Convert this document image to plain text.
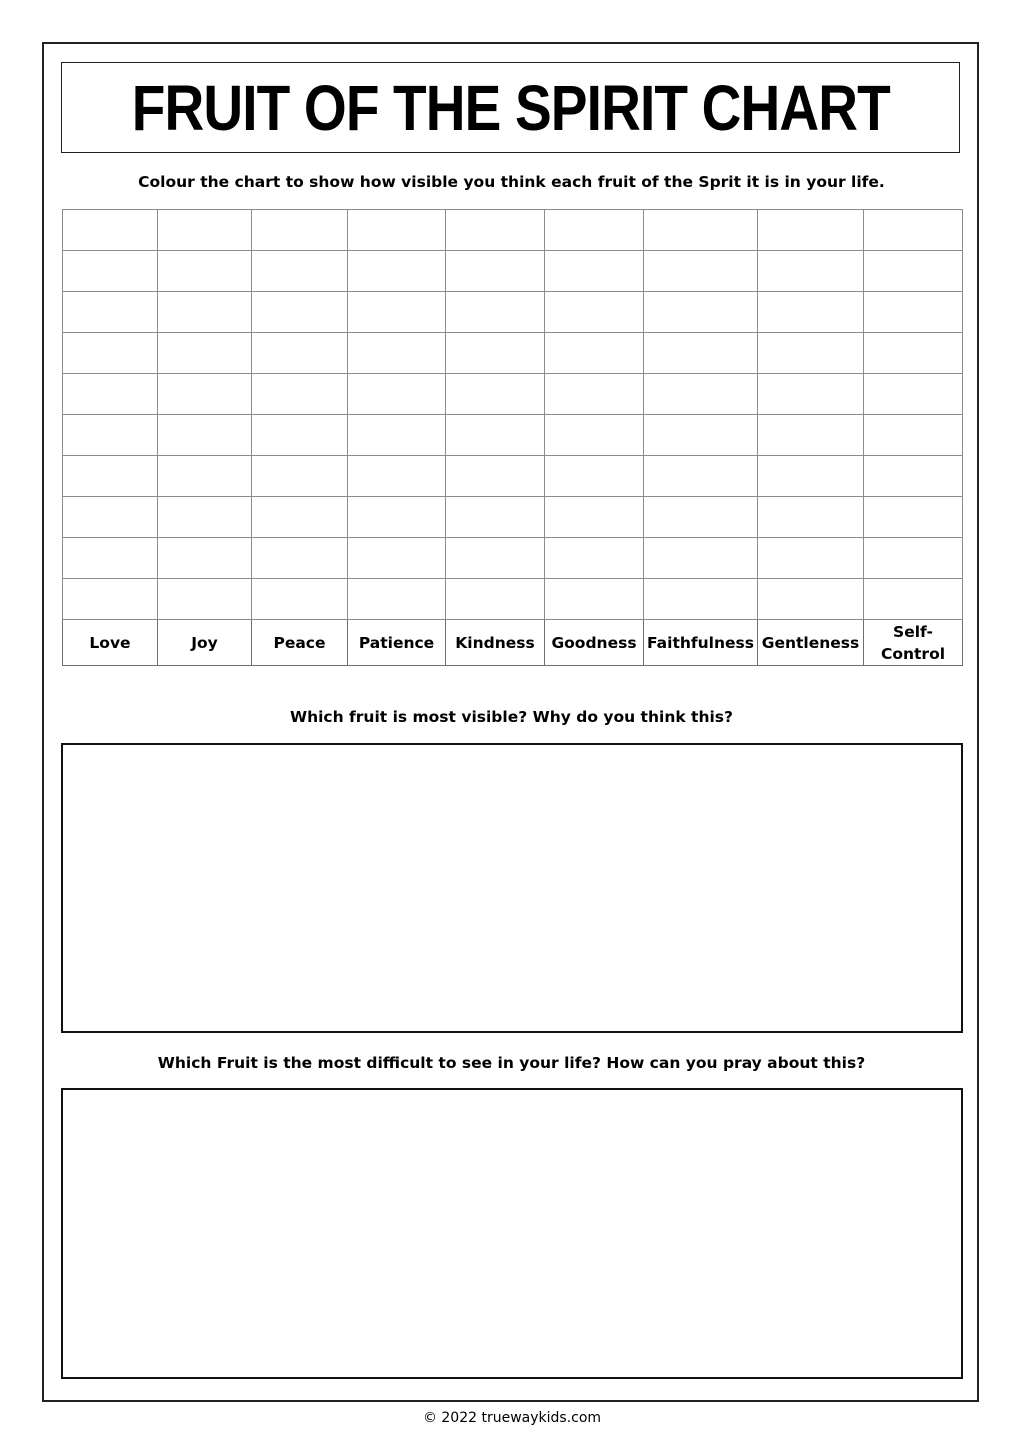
FRUIT OF THE SPIRIT CHART
Colour the chart to show how visible you think each fruit of the Sprit it is in your life.

Love	Joy	Peace	Patience	Kindness	Goodness	Faithfulness	Gentleness	Self-
Control
Which fruit is most visible? Why do you think this?
Which Fruit is the most difficult to see in your life? How can you pray about this?
© 2022 truewaykids.com
